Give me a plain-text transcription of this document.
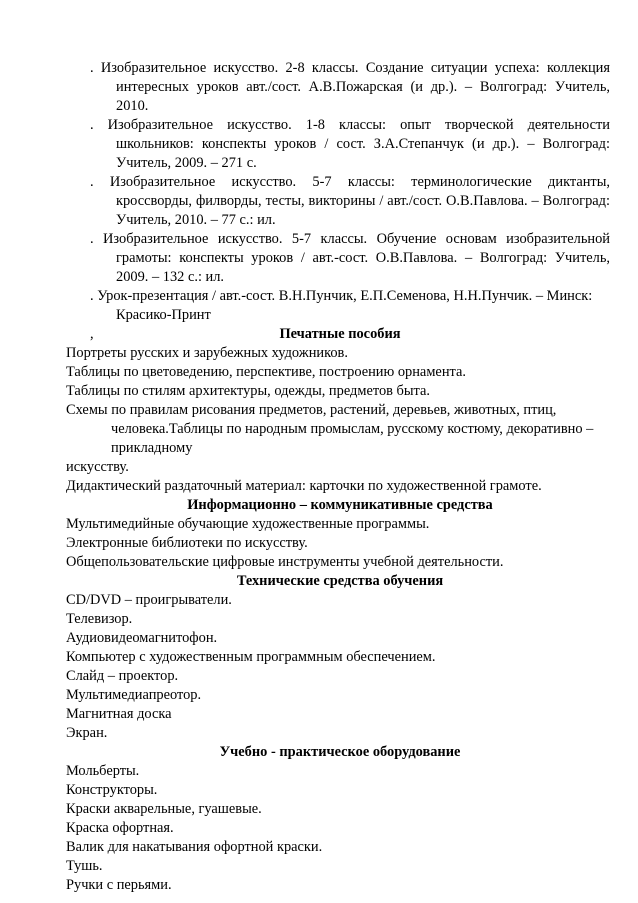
. Изобразительное искусство. 2-8 классы. Создание ситуации успеха: коллекция интересных уроков авт./сост. А.В.Пожарская (и др.). – Волгоград: Учитель, 2010.

. Изобразительное искусство. 1-8 классы: опыт творческой деятельности школьников: конспекты уроков / сост. З.А.Степанчук (и др.). – Волгоград: Учитель, 2009. – 271 с.

. Изобразительное искусство. 5-7 классы: терминологические диктанты, кроссворды, филворды, тесты, викторины / авт./сост. О.В.Павлова. – Волгоград: Учитель, 2010. – 77 с.: ил.

. Изобразительное искусство. 5-7 классы. Обучение основам изобразительной грамоты: конспекты уроков / авт.-сост. О.В.Павлова. – Волгоград: Учитель, 2009. – 132 с.: ил.

. Урок-презентация / авт.-сост. В.Н.Пунчик, Е.П.Семенова, Н.Н.Пунчик. – Минск: Красико-Принт

,	Печатные пособия

Портреты русских и зарубежных художников.

Таблицы по цветоведению, перспективе, построению орнамента.

Таблицы по стилям архитектуры, одежды, предметов быта.

Схемы по правилам рисования предметов, растений, деревьев, животных, птиц, человека.Таблицы по народным промыслам, русскому костюму, декоративно – прикладному

искусству.

Дидактический раздаточный материал: карточки по художественной грамоте.

Информационно – коммуникативные средства

Мультимедийные обучающие художественные программы.

Электронные библиотеки по искусству.

Общепользовательские цифровые инструменты учебной деятельности.

Технические средства обучения

CD/DVD – проигрыватели.

Телевизор.

Аудиовидеомагнитофон.

Компьютер с художественным программным обеспечением.

Слайд – проектор.

Мультимедиапреотор.

Магнитная доска

Экран.

Учебно - практическое оборудование

Мольберты.

Конструкторы.

Краски акварельные, гуашевые.

Краска офортная.

Валик для накатывания офортной краски.

Тушь.

Ручки с перьями.
